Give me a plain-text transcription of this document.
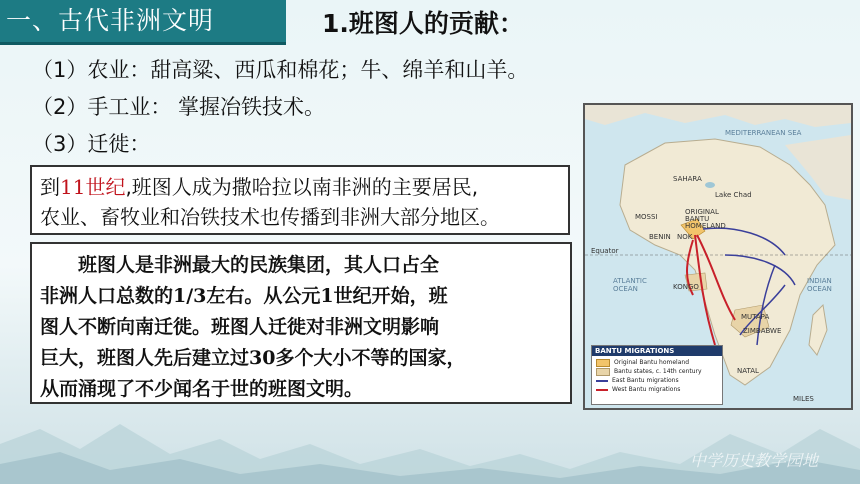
一、古代非洲文明	1.班图人的贡献：
（1）农业：甜高粱、西瓜和棉花；牛、绵羊和山羊。
（2）手工业： 掌握冶铁技术。
（3）迁徙：
到11世纪,班图人成为撒哈拉以南非洲的主要居民,
农业、畜牧业和冶铁技术也传播到非洲大部分地区。
　　班图人是非洲最大的民族集团，其人口占全
非洲人口总数的1/3左右。从公元1世纪开始，班
图人不断向南迁徙。班图人迁徙对非洲文明影响
巨大，班图人先后建立过30多个大小不等的国家，
从而涌现了不少闻名于世的班图文明。
MEDITERRANEAN SEA
SAHARA
Lake Chad
MOSSI
ORIGINAL BANTU HOMELAND
BENIN NOK
Equator
ATLANTIC OCEAN
INDIAN OCEAN
KONGO
MUTAPA
ZIMBABWE
NATAL
MILES
BANTU MIGRATIONS
Original Bantu homeland
Bantu states, c. 14th century
East Bantu migrations
West Bantu migrations
中学历史教学园地
